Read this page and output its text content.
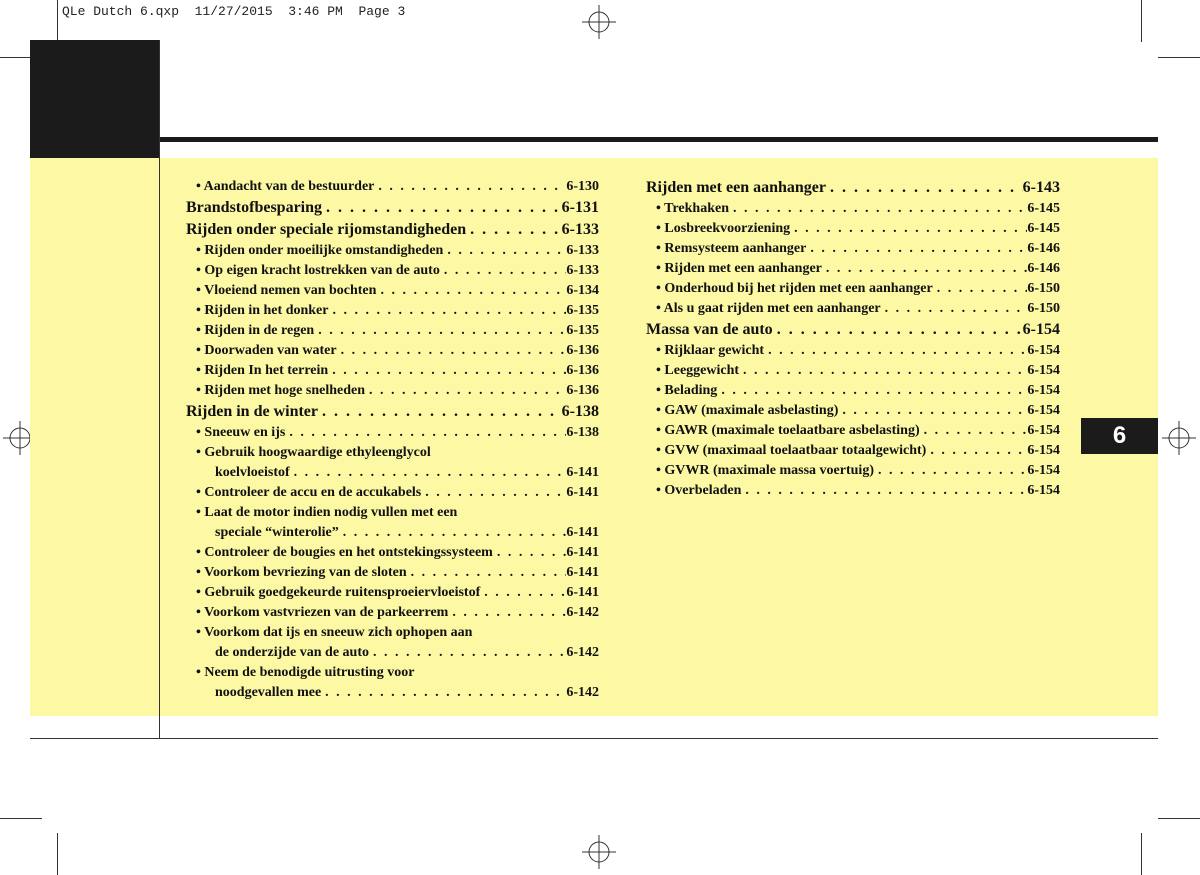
QLe Dutch 6.qxp  11/27/2015  3:46 PM  Page 3
• Aandacht van de bestuurder . . .	6-130
Brandstofbesparing . . .	6-131
Rijden onder speciale rijomstandigheden . . .	6-133
• Rijden onder moeilijke omstandigheden . . .	6-133
• Op eigen kracht lostrekken van de auto . . .	6-133
• Vloeiend nemen van bochten . . .	6-134
• Rijden in het donker . . .	6-135
• Rijden in de regen . . .	6-135
• Doorwaden van water . . .	6-136
• Rijden In het terrein . . .	6-136
• Rijden met hoge snelheden . . .	6-136
Rijden in de winter . . .	6-138
• Sneeuw en ijs . . .	6-138
• Gebruik hoogwaardige ethyleenglycol
koelvloeistof . . .	6-141
• Controleer de accu en de accukabels . . .	6-141
• Laat de motor indien nodig vullen met een
speciale “winterolie” . . .	6-141
• Controleer de bougies en het ontstekingssysteem . . .	6-141
• Voorkom bevriezing van de sloten . . .	6-141
• Gebruik goedgekeurde ruitensproeiervloeistof . . .	6-141
• Voorkom vastvriezen van de parkeerrem . . .	6-142
• Voorkom dat ijs en sneeuw zich ophopen aan
de onderzijde van de auto . . .	6-142
• Neem de benodigde uitrusting voor
noodgevallen mee . . .	6-142
Rijden met een aanhanger . . .	6-143
• Trekhaken . . .	6-145
• Losbreekvoorziening . . .	6-145
• Remsysteem aanhanger . . .	6-146
• Rijden met een aanhanger . . .	6-146
• Onderhoud bij het rijden met een aanhanger . . .	6-150
• Als u gaat rijden met een aanhanger . . .	6-150
Massa van de auto . . .	6-154
• Rijklaar gewicht . . .	6-154
• Leeggewicht . . .	6-154
• Belading . . .	6-154
• GAW (maximale asbelasting) . . .	6-154
• GAWR (maximale toelaatbare asbelasting) . . .	6-154
• GVW (maximaal toelaatbaar totaalgewicht) . . .	6-154
• GVWR (maximale massa voertuig) . . .	6-154
• Overbeladen . . .	6-154
6
